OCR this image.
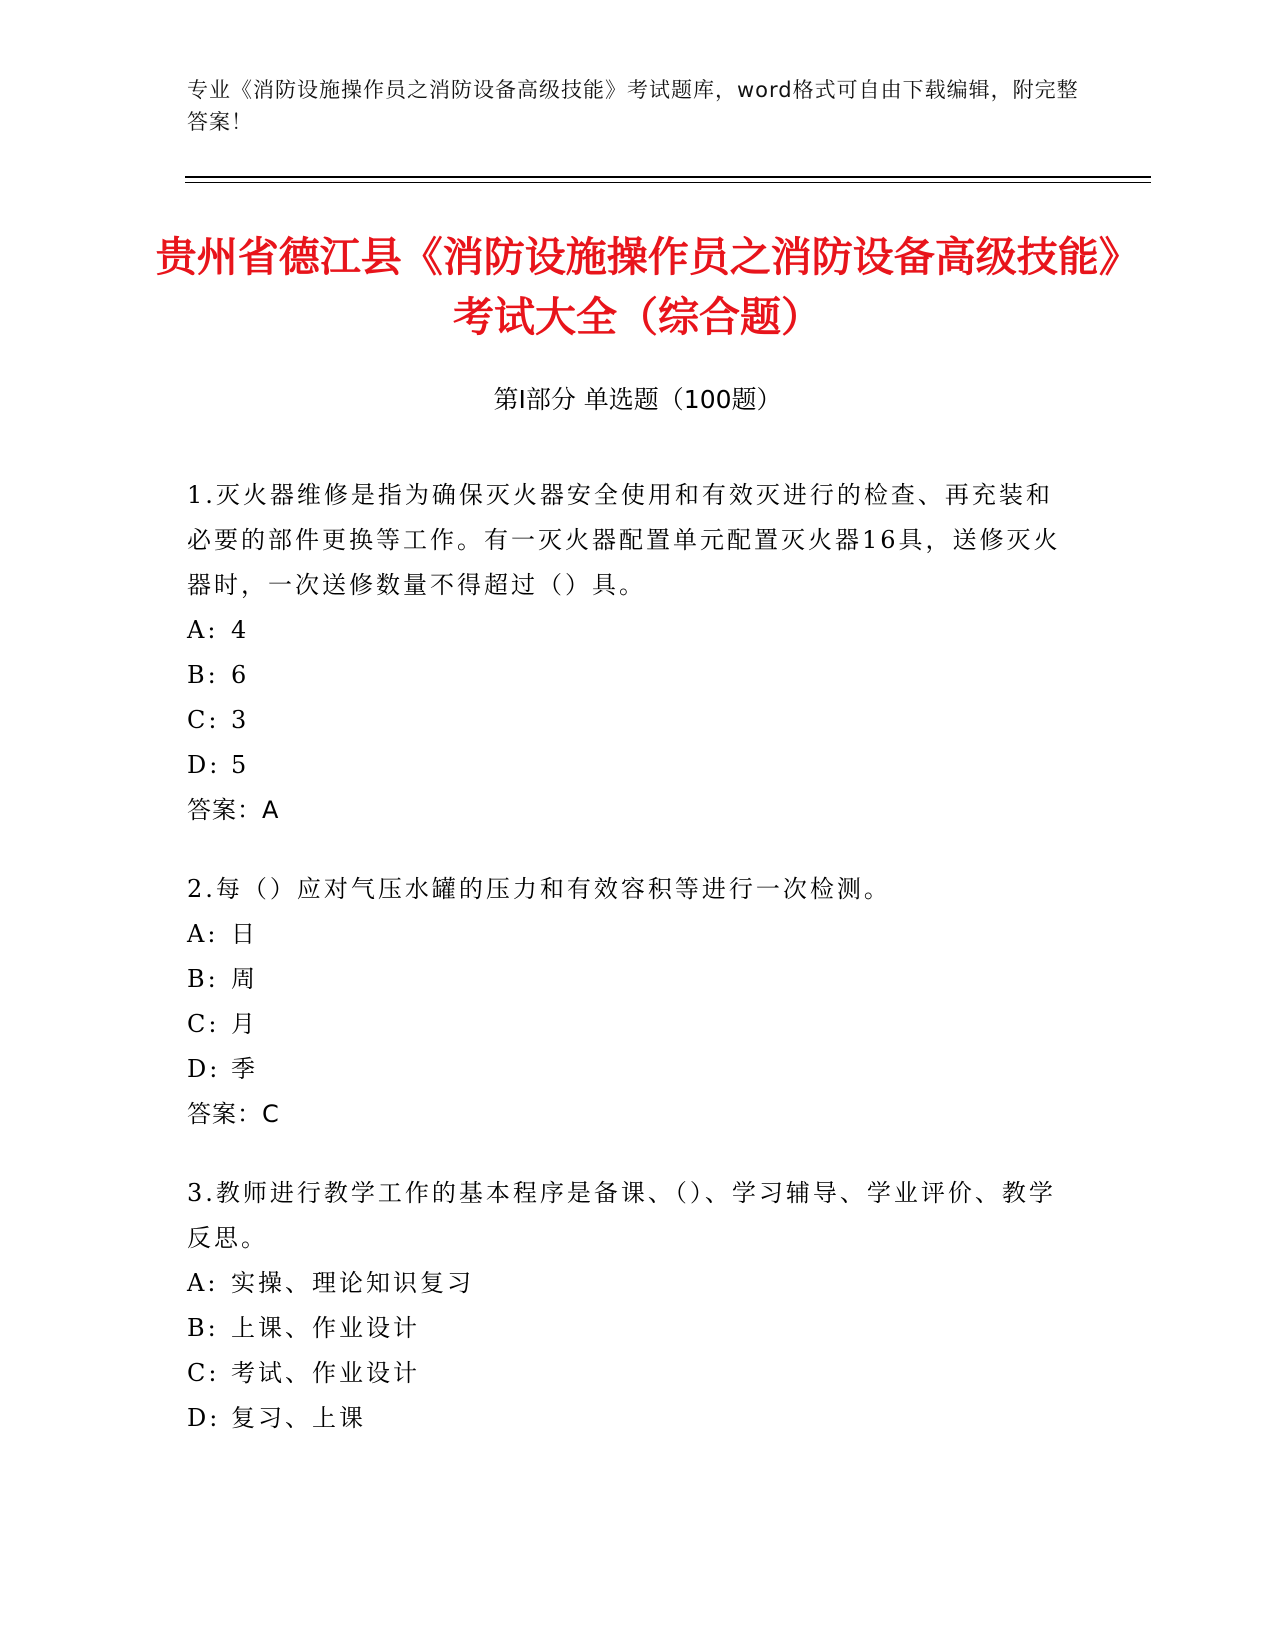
专业《消防设施操作员之消防设备高级技能》考试题库，word格式可自由下载编辑，附完整答案！
贵州省德江县《消防设施操作员之消防设备高级技能》考试大全（综合题）
第Ⅰ部分 单选题（100题）
1.灭火器维修是指为确保灭火器安全使用和有效灭进行的检查、再充装和必要的部件更换等工作。有一灭火器配置单元配置灭火器16具，送修灭火器时，一次送修数量不得超过（）具。
A: 4
B: 6
C: 3
D: 5
答案：A
2.每（）应对气压水罐的压力和有效容积等进行一次检测。
A: 日
B: 周
C: 月
D: 季
答案：C
3.教师进行教学工作的基本程序是备课、（）、学习辅导、学业评价、教学反思。
A: 实操、理论知识复习
B: 上课、作业设计
C: 考试、作业设计
D: 复习、上课
